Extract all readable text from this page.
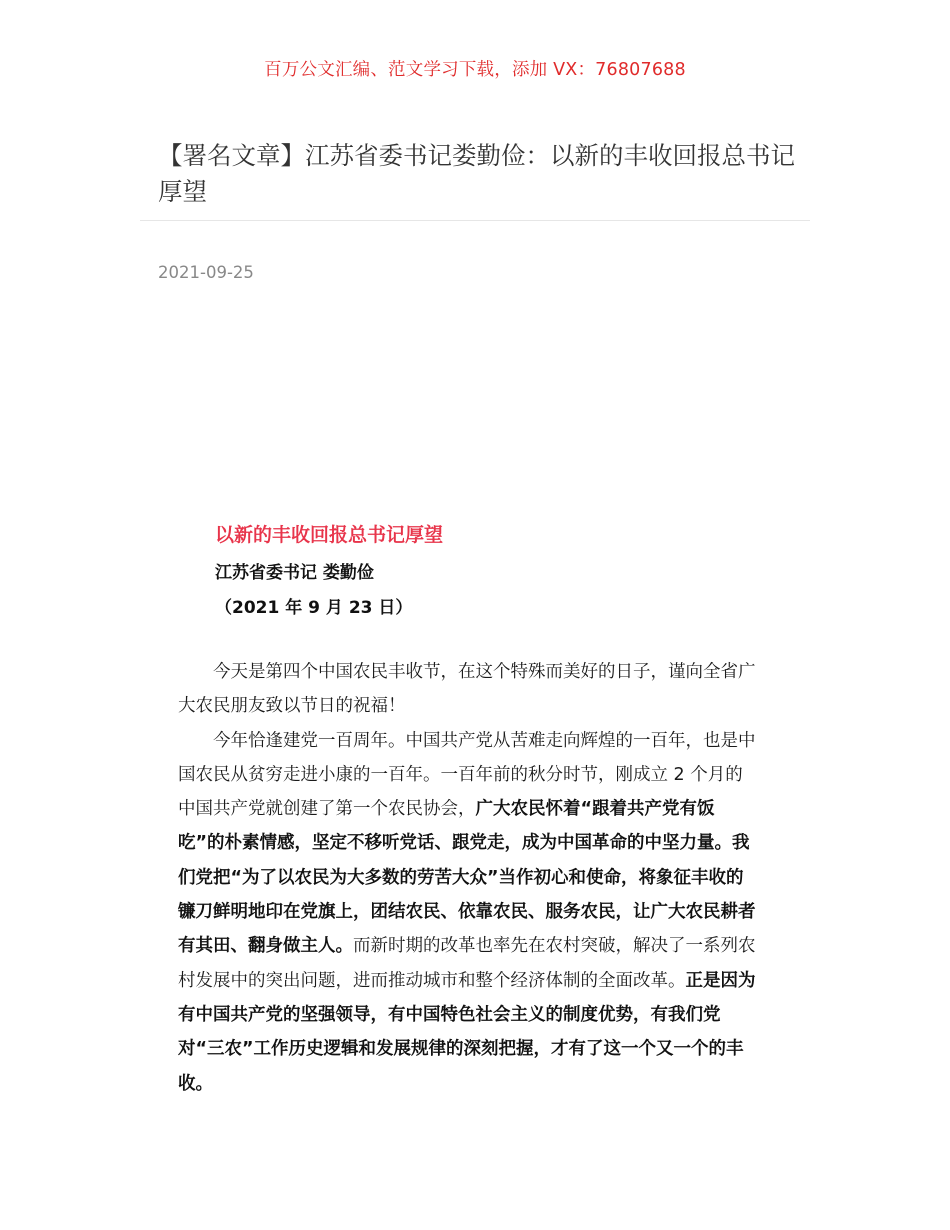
百万公文汇编、范文学习下载，添加 VX：76807688
【署名文章】江苏省委书记娄勤俭：以新的丰收回报总书记厚望
2021-09-25
以新的丰收回报总书记厚望
江苏省委书记 娄勤俭
（2021 年 9 月 23 日）

今天是第四个中国农民丰收节，在这个特殊而美好的日子，谨向全省广大农民朋友致以节日的祝福！

今年恰逢建党一百周年。中国共产党从苦难走向辉煌的一百年，也是中国农民从贫穷走进小康的一百年。一百年前的秋分时节，刚成立 2 个月的中国共产党就创建了第一个农民协会，广大农民怀着“跟着共产党有饭吃”的朴素情感，坚定不移听党话、跟党走，成为中国革命的中坚力量。我们党把“为了以农民为大多数的劳苦大众”当作初心和使命，将象征丰收的镰刀鲜明地印在党旗上，团结农民、依靠农民、服务农民，让广大农民耕者有其田、翻身做主人。而新时期的改革也率先在农村突破，解决了一系列农村发展中的突出问题，进而推动城市和整个经济体制的全面改革。正是因为有中国共产党的坚强领导，有中国特色社会主义的制度优势，有我们党对“三农”工作历史逻辑和发展规律的深刻把握，才有了这一个又一个的丰收。
